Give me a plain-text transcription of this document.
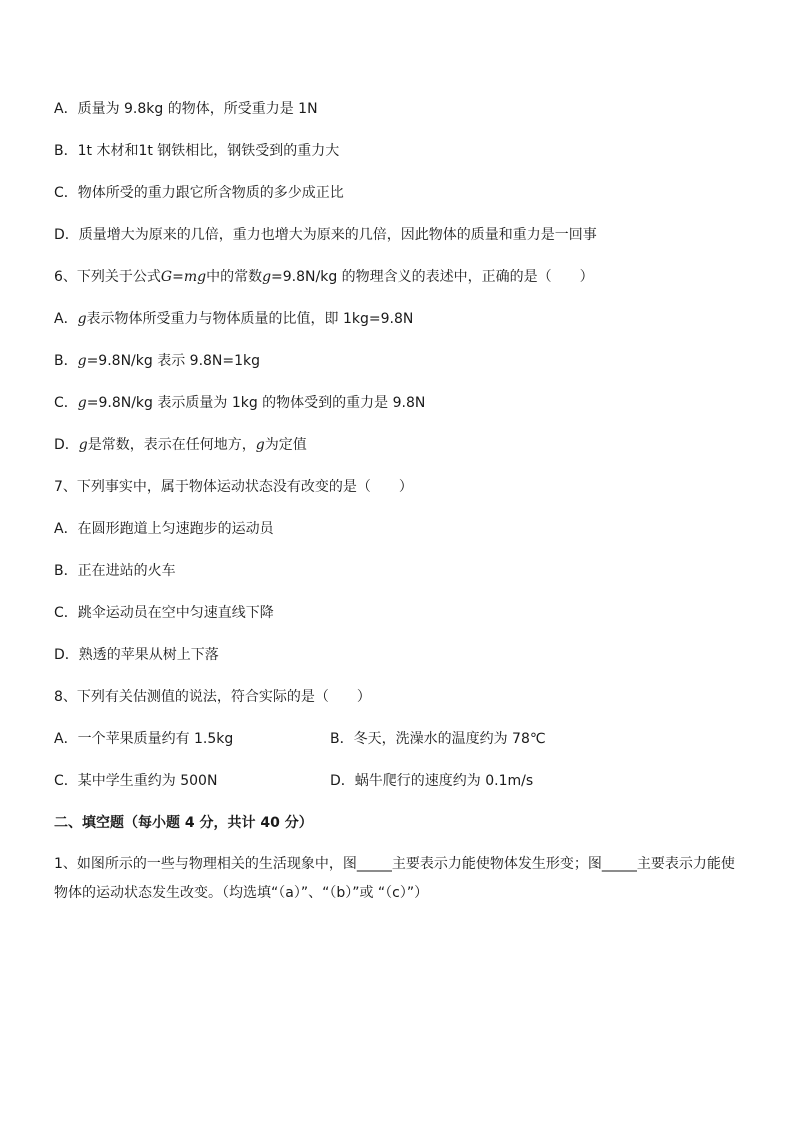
A．质量为 9.8kg 的物体，所受重力是 1N
B．1t 木材和1t 钢铁相比，钢铁受到的重力大
C．物体所受的重力跟它所含物质的多少成正比
D．质量增大为原来的几倍，重力也增大为原来的几倍，因此物体的质量和重力是一回事
6、下列关于公式G=mg中的常数g=9.8N/kg 的物理含义的表述中，正确的是（　　）
A．g表示物体所受重力与物体质量的比值，即 1kg=9.8N
B．g=9.8N/kg 表示 9.8N=1kg
C．g=9.8N/kg 表示质量为 1kg 的物体受到的重力是 9.8N
D．g是常数，表示在任何地方，g为定值
7、下列事实中，属于物体运动状态没有改变的是（　　）
A．在圆形跑道上匀速跑步的运动员
B．正在进站的火车
C．跳伞运动员在空中匀速直线下降
D．熟透的苹果从树上下落
8、下列有关估测值的说法，符合实际的是（　　）
A．一个苹果质量约有 1.5kg	B．冬天，洗澡水的温度约为 78℃
C．某中学生重约为 500N	D．蜗牛爬行的速度约为 0.1m/s
二、填空题（每小题 4 分，共计 40 分）
1、如图所示的一些与物理相关的生活现象中，图_____主要表示力能使物体发生形变；图_____主要表示力能使物体的运动状态发生改变。（均选填“（a）”、“（b）”或 “（c）”）
